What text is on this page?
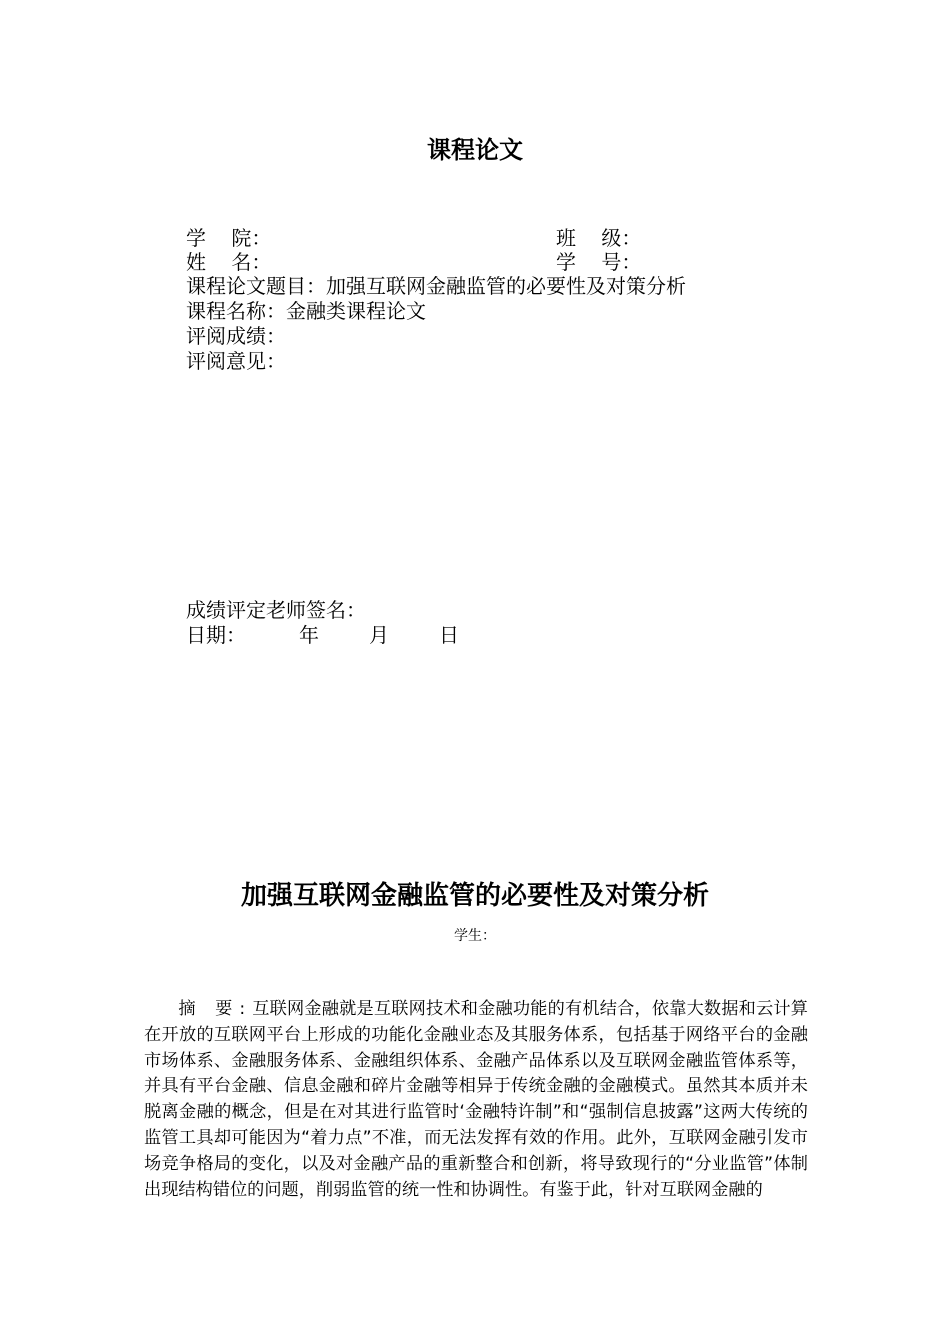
课程论文
学    院：	班    级：
姓    名：	学    号：
课程论文题目：加强互联网金融监管的必要性及对策分析
课程名称：金融类课程论文
评阅成绩：
评阅意见：
成绩评定老师签名：
日期：	年	月	日
加强互联网金融监管的必要性及对策分析
学生：
摘 要:互联网金融就是互联网技术和金融功能的有机结合，依靠大数据和云计算在开放的互联网平台上形成的功能化金融业态及其服务体系，包括基于网络平台的金融市场体系、金融服务体系、金融组织体系、金融产品体系以及互联网金融监管体系等，并具有平台金融、信息金融和碎片金融等相异于传统金融的金融模式。虽然其本质并未脱离金融的概念，但是在对其进行监管时‘金融特许制”和“强制信息披露”这两大传统的监管工具却可能因为“着力点”不准，而无法发挥有效的作用。此外，互联网金融引发市场竞争格局的变化，以及对金融产品的重新整合和创新，将导致现行的“分业监管”体制出现结构错位的问题，削弱监管的统一性和协调性。有鉴于此，针对互联网金融的
